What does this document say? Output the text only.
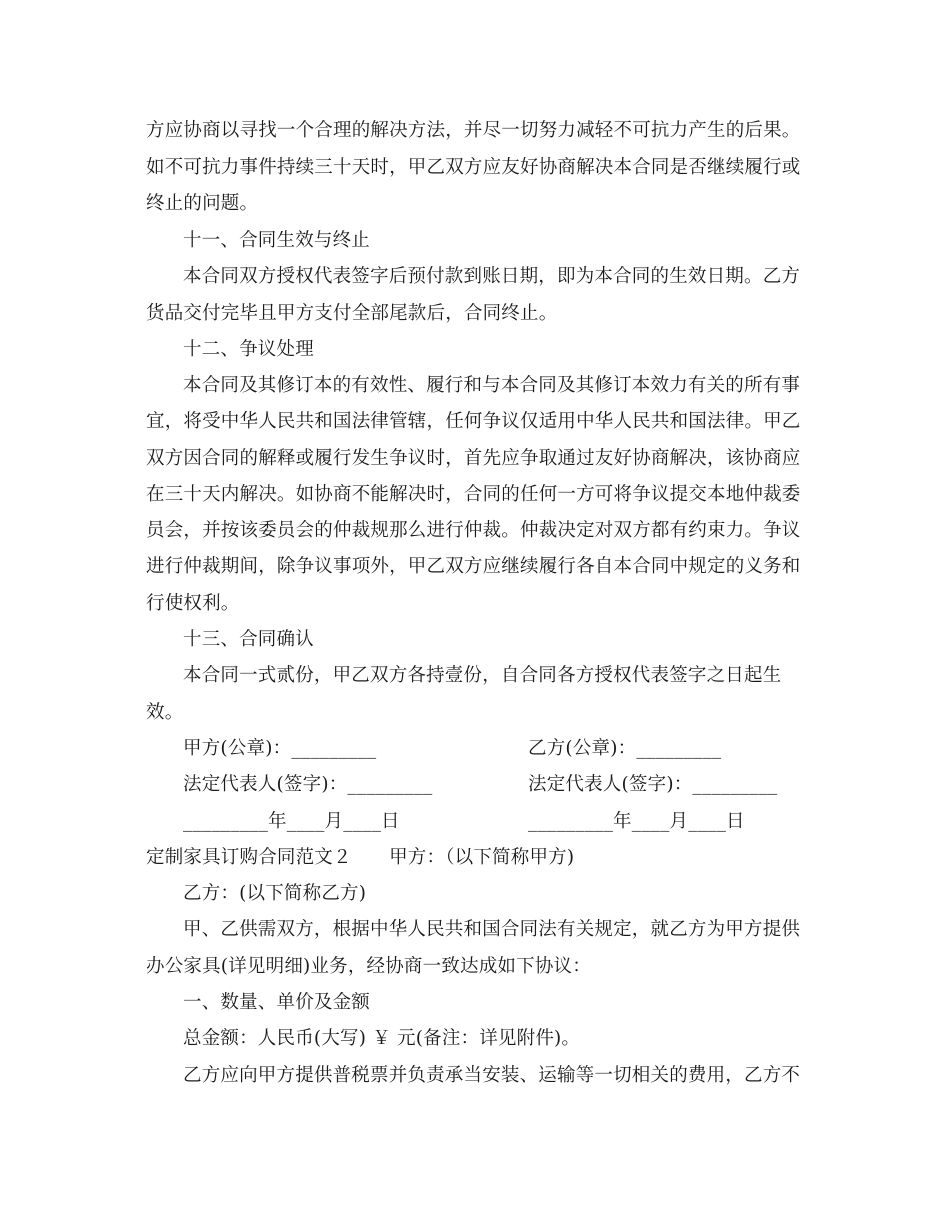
方应协商以寻找一个合理的解决方法，并尽一切努力减轻不可抗力产生的后果。
如不可抗力事件持续三十天时，甲乙双方应友好协商解决本合同是否继续履行或
终止的问题。
十一、合同生效与终止
本合同双方授权代表签字后预付款到账日期，即为本合同的生效日期。乙方
货品交付完毕且甲方支付全部尾款后，合同终止。
十二、争议处理
本合同及其修订本的有效性、履行和与本合同及其修订本效力有关的所有事
宜，将受中华人民共和国法律管辖，任何争议仅适用中华人民共和国法律。甲乙
双方因合同的解释或履行发生争议时，首先应争取通过友好协商解决，该协商应
在三十天内解决。如协商不能解决时，合同的任何一方可将争议提交本地仲裁委
员会，并按该委员会的仲裁规那么进行仲裁。仲裁决定对双方都有约束力。争议
进行仲裁期间，除争议事项外，甲乙双方应继续履行各自本合同中规定的义务和
行使权利。
十三、合同确认
本合同一式贰份，甲乙双方各持壹份，自合同各方授权代表签字之日起生
效。
甲方(公章)：_________	乙方(公章)：_________
法定代表人(签字)：_________	法定代表人(签字)：_________
_________年____月____日	_________年____月____日
定制家具订购合同范文２　　甲方：（以下简称甲方)
乙方：(以下简称乙方)
甲、乙供需双方，根据中华人民共和国合同法有关规定，就乙方为甲方提供
办公家具(详见明细)业务，经协商一致达成如下协议：
一、数量、单价及金额
总金额：人民币(大写) ￥ 元(备注：详见附件)。
乙方应向甲方提供普税票并负责承当安装、运输等一切相关的费用，乙方不
